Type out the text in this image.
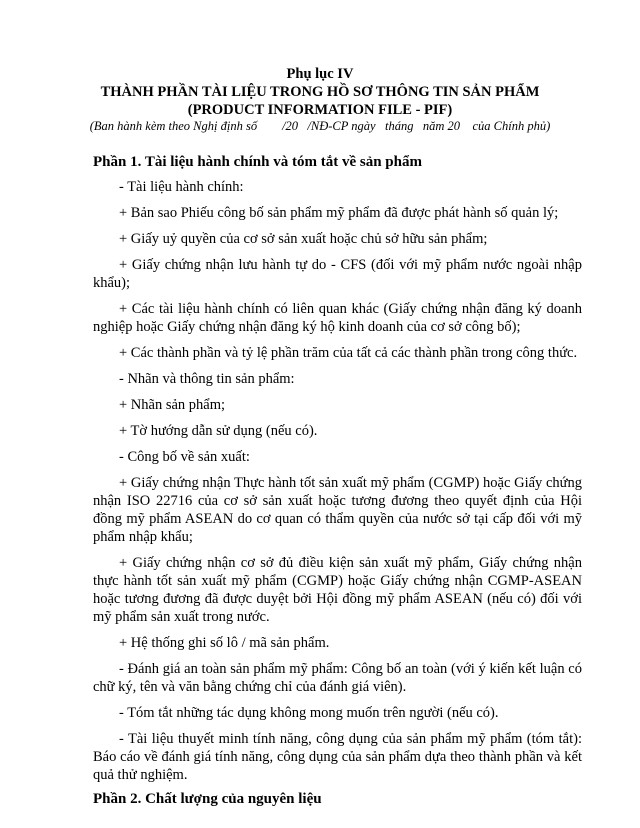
Phụ lục IV
THÀNH PHẦN TÀI LIỆU TRONG HỒ SƠ THÔNG TIN SẢN PHẨM
(PRODUCT INFORMATION FILE - PIF)
(Ban hành kèm theo Nghị định số        /20   /NĐ-CP ngày   tháng   năm 20    của Chính phủ)
Phần 1. Tài liệu hành chính và tóm tắt về sản phẩm
- Tài liệu hành chính:
+ Bản sao Phiếu công bố sản phẩm mỹ phẩm đã được phát hành số quản lý;
+ Giấy uỷ quyền của cơ sở sản xuất hoặc chủ sở hữu sản phẩm;
+ Giấy chứng nhận lưu hành tự do - CFS (đối với mỹ phẩm nước ngoài nhập khẩu);
+ Các tài liệu hành chính có liên quan khác (Giấy chứng nhận đăng ký doanh nghiệp hoặc Giấy chứng nhận đăng ký hộ kinh doanh của cơ sở công bố);
+ Các thành phần và tỷ lệ phần trăm của tất cả các thành phần trong công thức.
- Nhãn và thông tin sản phẩm:
+ Nhãn sản phẩm;
+ Tờ hướng dẫn sử dụng (nếu có).
- Công bố về sản xuất:
+ Giấy chứng nhận Thực hành tốt sản xuất mỹ phẩm (CGMP) hoặc Giấy chứng nhận ISO 22716 của cơ sở sản xuất hoặc tương đương theo quyết định của Hội đồng mỹ phẩm ASEAN do cơ quan có thẩm quyền của nước sở tại cấp đối với mỹ phẩm nhập khẩu;
+ Giấy chứng nhận cơ sở đủ điều kiện sản xuất mỹ phẩm, Giấy chứng nhận thực hành tốt sản xuất mỹ phẩm (CGMP) hoặc Giấy chứng nhận CGMP-ASEAN hoặc tương đương đã được duyệt bởi Hội đồng mỹ phẩm ASEAN (nếu có) đối với mỹ phẩm sản xuất trong nước.
+ Hệ thống ghi số lô / mã sản phẩm.
- Đánh giá an toàn sản phẩm mỹ phẩm: Công bố an toàn (với ý kiến kết luận có chữ ký, tên và văn bằng chứng chỉ của đánh giá viên).
- Tóm tắt những tác dụng không mong muốn trên người (nếu có).
- Tài liệu thuyết minh tính năng, công dụng của sản phẩm mỹ phẩm (tóm tắt): Báo cáo về đánh giá tính năng, công dụng của sản phẩm dựa theo thành phần và kết quả thử nghiệm.
Phần 2. Chất lượng của nguyên liệu
